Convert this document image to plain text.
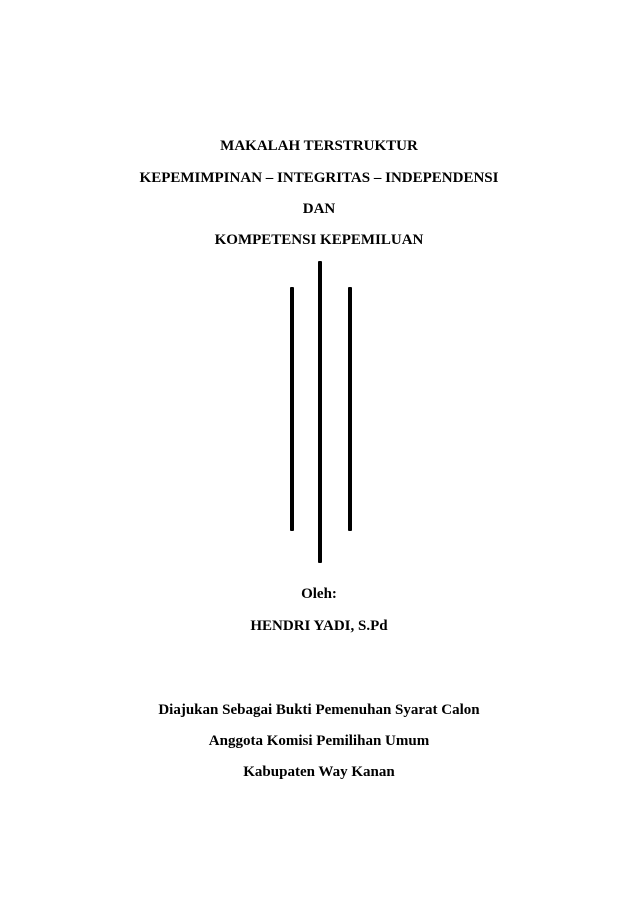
MAKALAH TERSTRUKTUR
KEPEMIMPINAN – INTEGRITAS – INDEPENDENSI
DAN
KOMPETENSI KEPEMILUAN
Oleh:
HENDRI YADI, S.Pd
Diajukan Sebagai Bukti Pemenuhan Syarat Calon
Anggota Komisi Pemilihan Umum
Kabupaten Way Kanan
